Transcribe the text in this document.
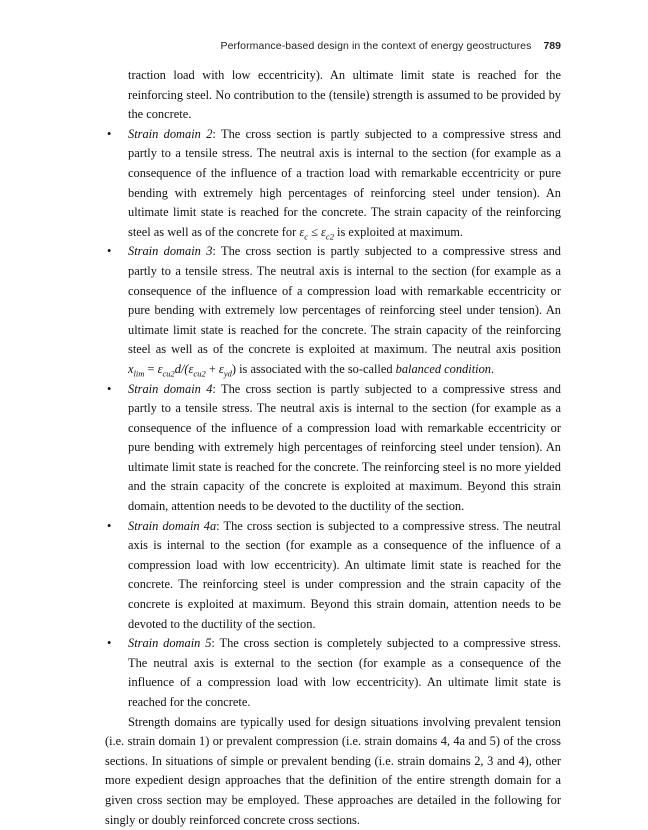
Performance-based design in the context of energy geostructures 789

traction load with low eccentricity). An ultimate limit state is reached for the reinforcing steel. No contribution to the (tensile) strength is assumed to be provided by the concrete.

• Strain domain 2: The cross section is partly subjected to a compressive stress and partly to a tensile stress. The neutral axis is internal to the section (for example as a consequence of the influence of a traction load with remarkable eccentricity or pure bending with extremely high percentages of reinforcing steel under tension). An ultimate limit state is reached for the concrete. The strain capacity of the reinforcing steel as well as of the concrete for $\varepsilon_c \le \varepsilon_{c2}$ is exploited at maximum.
• Strain domain 3: The cross section is partly subjected to a compressive stress and partly to a tensile stress. The neutral axis is internal to the section (for example as a consequence of the influence of a compression load with remarkable eccentricity or pure bending with extremely low percentages of reinforcing steel under tension). An ultimate limit state is reached for the concrete. The strain capacity of the reinforcing steel as well as of the concrete is exploited at maximum. The neutral axis position $x_{lim} = \varepsilon_{cu2}d/(\varepsilon_{cu2} + \varepsilon_{yd})$ is associated with the so-called balanced condition.
• Strain domain 4: The cross section is partly subjected to a compressive stress and partly to a tensile stress. The neutral axis is internal to the section (for example as a consequence of the influence of a compression load with remarkable eccentricity or pure bending with extremely high percentages of reinforcing steel under tension). An ultimate limit state is reached for the concrete. The reinforcing steel is no more yielded and the strain capacity of the concrete is exploited at maximum. Beyond this strain domain, attention needs to be devoted to the ductility of the section.
• Strain domain 4a: The cross section is subjected to a compressive stress. The neutral axis is internal to the section (for example as a consequence of the influence of a compression load with low eccentricity). An ultimate limit state is reached for the concrete. The reinforcing steel is under compression and the strain capacity of the concrete is exploited at maximum. Beyond this strain domain, attention needs to be devoted to the ductility of the section.
• Strain domain 5: The cross section is completely subjected to a compressive stress. The neutral axis is external to the section (for example as a consequence of the influence of a compression load with low eccentricity). An ultimate limit state is reached for the concrete.

Strength domains are typically used for design situations involving prevalent tension (i.e. strain domain 1) or prevalent compression (i.e. strain domains 4, 4a and 5) of the cross sections. In situations of simple or prevalent bending (i.e. strain domains 2, 3 and 4), other more expedient design approaches that the definition of the entire strength domain for a given cross section may be employed. These approaches are detailed in the following for singly or doubly reinforced concrete cross sections.
